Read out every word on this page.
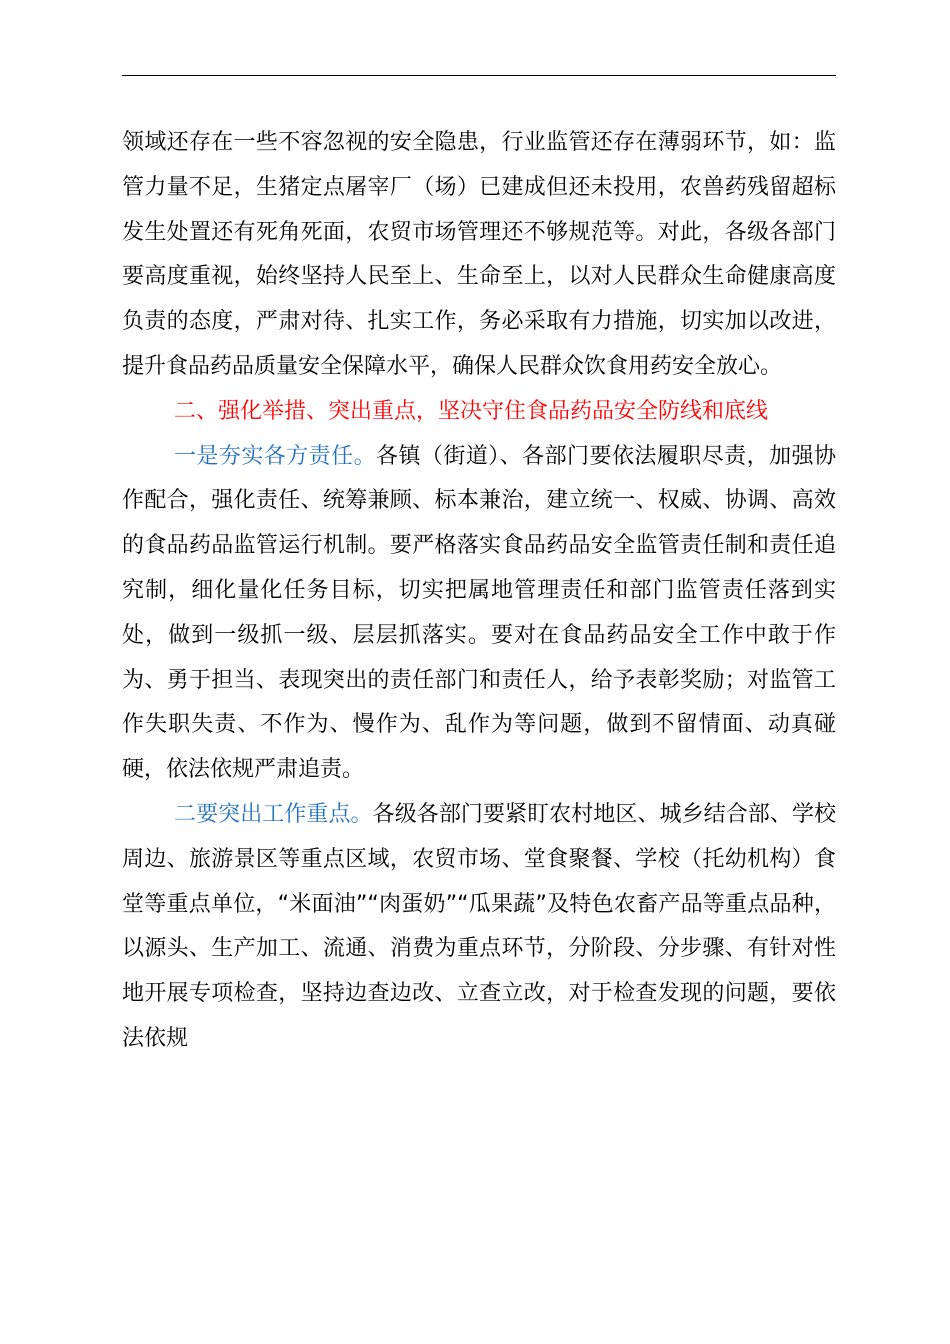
领域还存在一些不容忽视的安全隐患，行业监管还存在薄弱环节，如：监管力量不足，生猪定点屠宰厂（场）已建成但还未投用，农兽药残留超标发生处置还有死角死面，农贸市场管理还不够规范等。对此，各级各部门要高度重视，始终坚持人民至上、生命至上，以对人民群众生命健康高度负责的态度，严肃对待、扎实工作，务必采取有力措施，切实加以改进，提升食品药品质量安全保障水平，确保人民群众饮食用药安全放心。

二、强化举措、突出重点，坚决守住食品药品安全防线和底线

一是夯实各方责任。各镇（街道）、各部门要依法履职尽责，加强协作配合，强化责任、统筹兼顾、标本兼治，建立统一、权威、协调、高效的食品药品监管运行机制。要严格落实食品药品安全监管责任制和责任追究制，细化量化任务目标，切实把属地管理责任和部门监管责任落到实处，做到一级抓一级、层层抓落实。要对在食品药品安全工作中敢于作为、勇于担当、表现突出的责任部门和责任人，给予表彰奖励；对监管工作失职失责、不作为、慢作为、乱作为等问题，做到不留情面、动真碰硬，依法依规严肃追责。

二要突出工作重点。各级各部门要紧盯农村地区、城乡结合部、学校周边、旅游景区等重点区域，农贸市场、堂食聚餐、学校（托幼机构）食堂等重点单位，“米面油”“肉蛋奶”“瓜果蔬”及特色农畜产品等重点品种，以源头、生产加工、流通、消费为重点环节，分阶段、分步骤、有针对性地开展专项检查，坚持边查边改、立查立改，对于检查发现的问题，要依法依规
